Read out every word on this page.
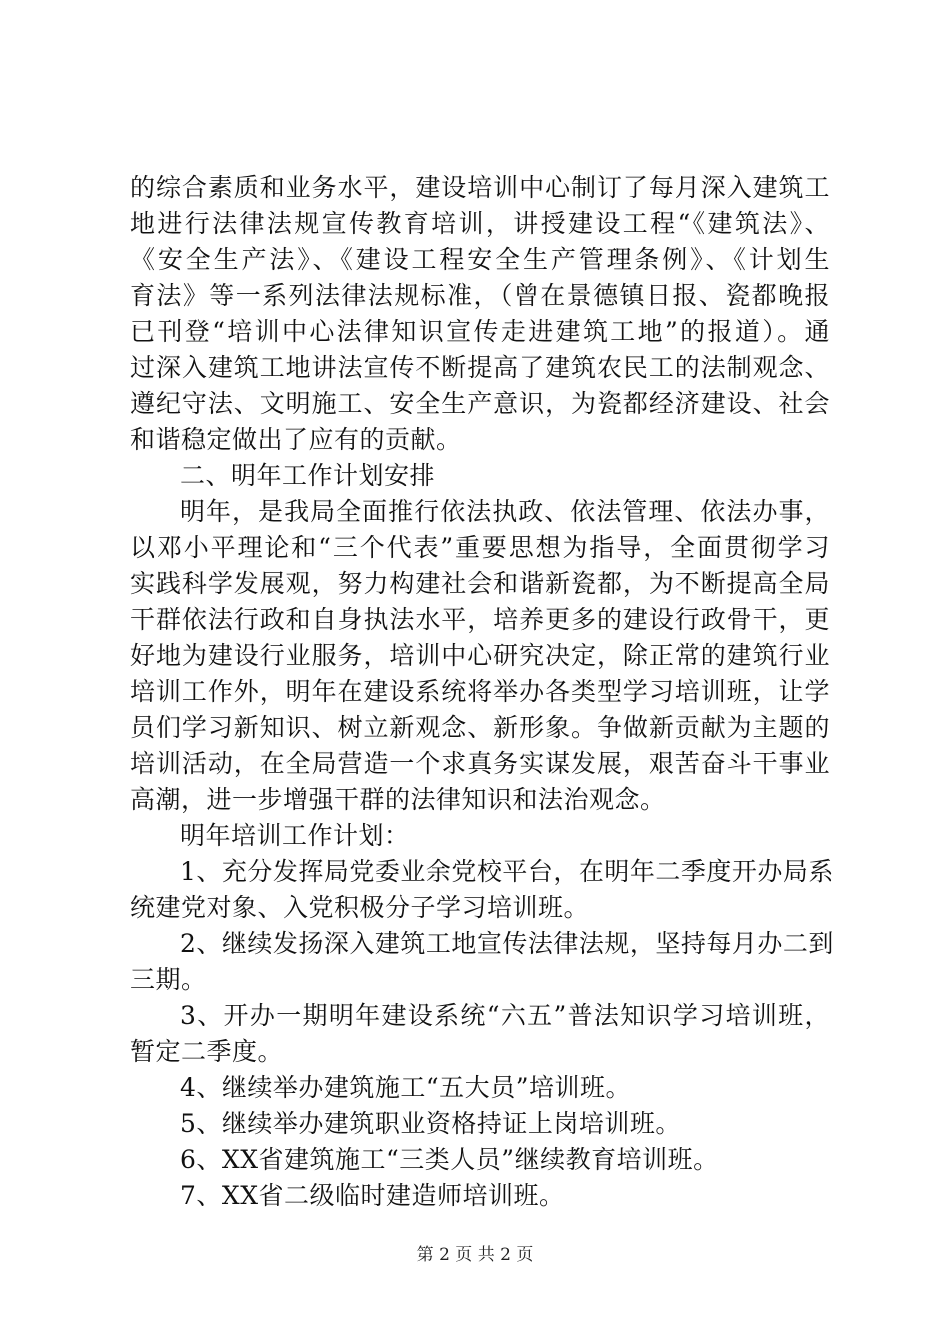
的综合素质和业务水平，建设培训中心制订了每月深入建筑工
地进行法律法规宣传教育培训，讲授建设工程“《建筑法》、
《安全生产法》、《建设工程安全生产管理条例》、《计划生
育法》等一系列法律法规标准，（曾在景德镇日报、瓷都晚报
已刊登“培训中心法律知识宣传走进建筑工地”的报道）。通
过深入建筑工地讲法宣传不断提高了建筑农民工的法制观念、
遵纪守法、文明施工、安全生产意识，为瓷都经济建设、社会
和谐稳定做出了应有的贡献。
二、明年工作计划安排
明年，是我局全面推行依法执政、依法管理、依法办事，
以邓小平理论和“三个代表”重要思想为指导，全面贯彻学习
实践科学发展观，努力构建社会和谐新瓷都，为不断提高全局
干群依法行政和自身执法水平，培养更多的建设行政骨干，更
好地为建设行业服务，培训中心研究决定，除正常的建筑行业
培训工作外，明年在建设系统将举办各类型学习培训班，让学
员们学习新知识、树立新观念、新形象。争做新贡献为主题的
培训活动，在全局营造一个求真务实谋发展，艰苦奋斗干事业
高潮，进一步增强干群的法律知识和法治观念。
明年培训工作计划：
1、充分发挥局党委业余党校平台，在明年二季度开办局系
统建党对象、入党积极分子学习培训班。
2、继续发扬深入建筑工地宣传法律法规，坚持每月办二到
三期。
3、开办一期明年建设系统“六五”普法知识学习培训班，
暂定二季度。
4、继续举办建筑施工“五大员”培训班。
5、继续举办建筑职业资格持证上岗培训班。
6、XX省建筑施工“三类人员”继续教育培训班。
7、XX省二级临时建造师培训班。
第 2 页 共 2 页
